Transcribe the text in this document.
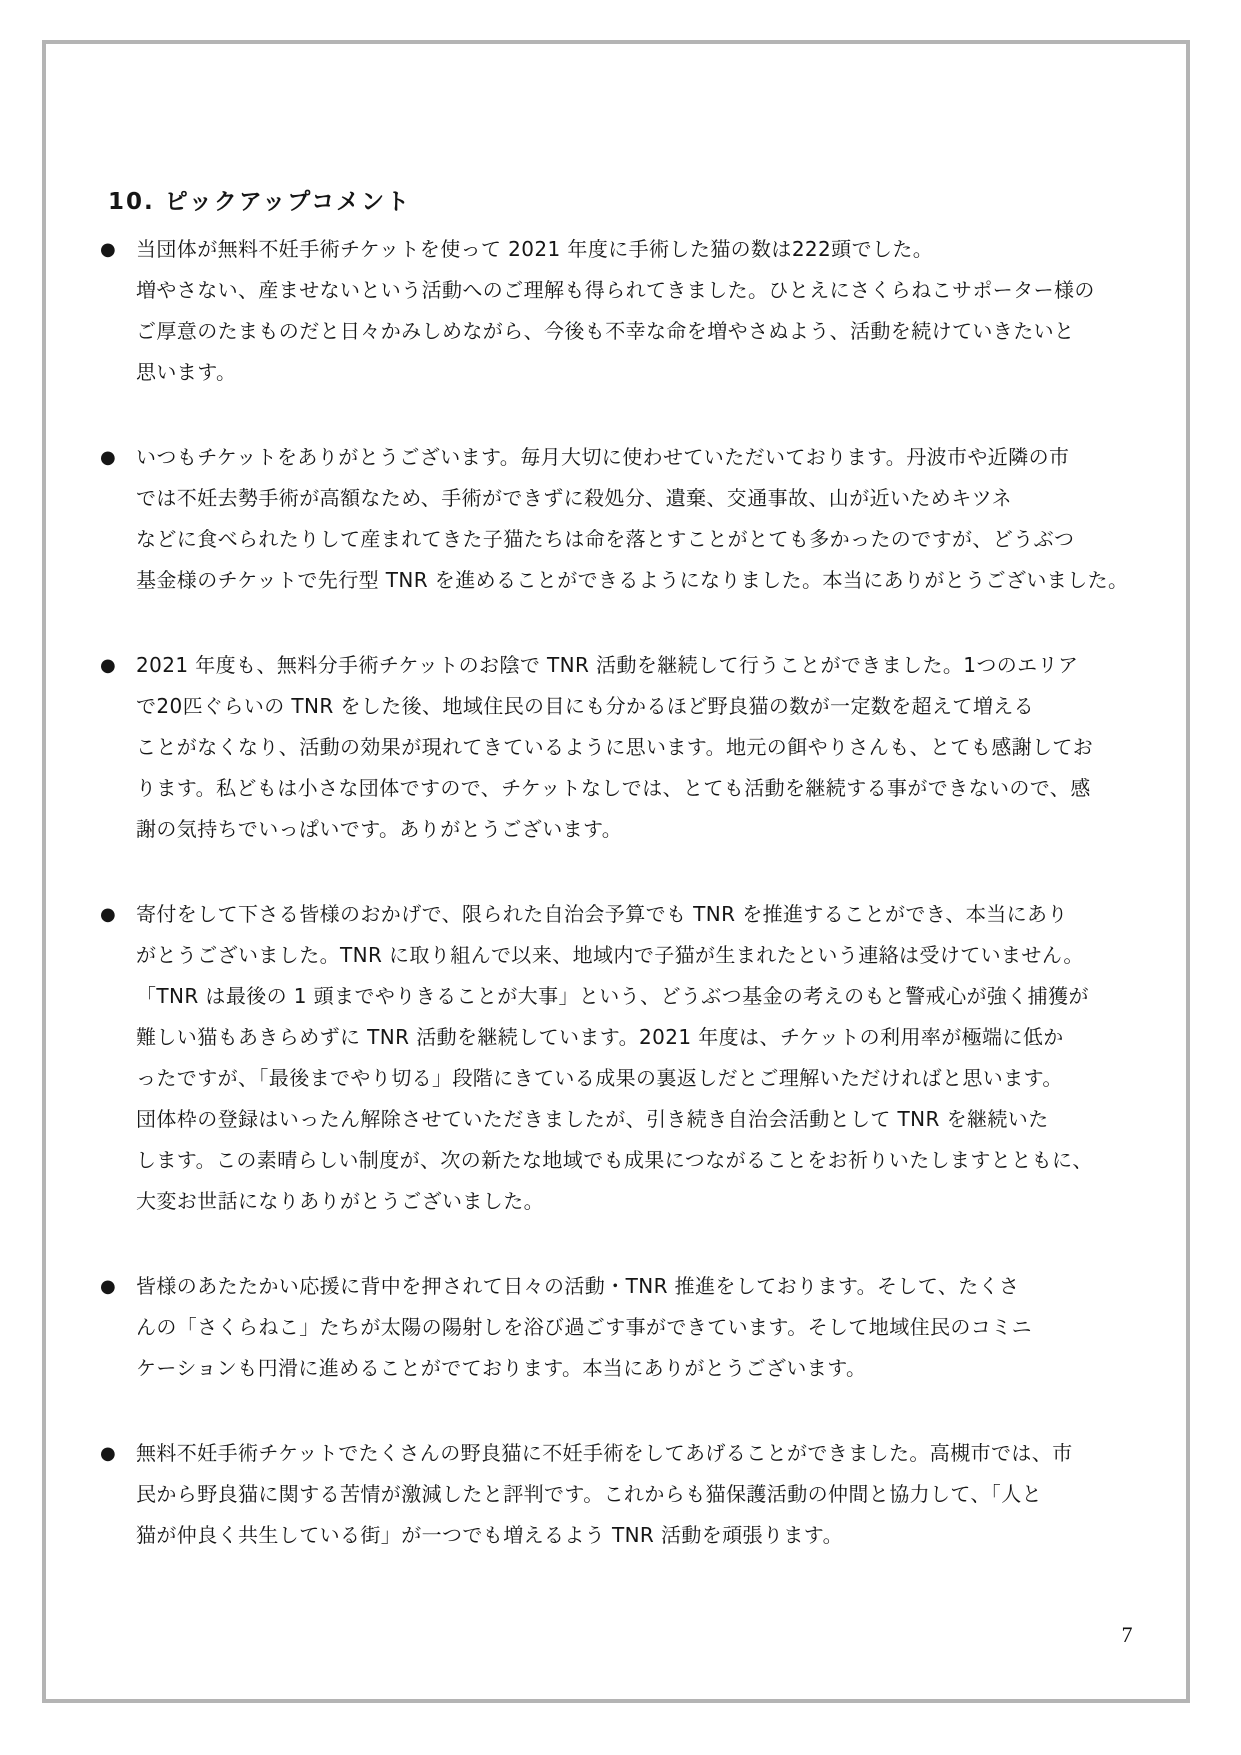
10. ピックアップコメント
●	当団体が無料不妊手術チケットを使って 2021 年度に手術した猫の数は222頭でした。
増やさない、産ませないという活動へのご理解も得られてきました。ひとえにさくらねこサポーター様の
ご厚意のたまものだと日々かみしめながら、今後も不幸な命を増やさぬよう、活動を続けていきたいと
思います。
●	いつもチケットをありがとうございます。毎月大切に使わせていただいております。丹波市や近隣の市
では不妊去勢手術が高額なため、手術ができずに殺処分、遺棄、交通事故、山が近いためキツネ
などに食べられたりして産まれてきた子猫たちは命を落とすことがとても多かったのですが、どうぶつ
基金様のチケットで先行型 TNR を進めることができるようになりました。本当にありがとうございました。
●	2021 年度も、無料分手術チケットのお陰で TNR 活動を継続して行うことができました。1つのエリア
で20匹ぐらいの TNR をした後、地域住民の目にも分かるほど野良猫の数が一定数を超えて増える
ことがなくなり、活動の効果が現れてきているように思います。地元の餌やりさんも、とても感謝してお
ります。私どもは小さな団体ですので、チケットなしでは、とても活動を継続する事ができないので、感
謝の気持ちでいっぱいです。ありがとうございます。
●	寄付をして下さる皆様のおかげで、限られた自治会予算でも TNR を推進することができ、本当にあり
がとうございました。TNR に取り組んで以来、地域内で子猫が生まれたという連絡は受けていません。
「TNR は最後の 1 頭までやりきることが大事」という、どうぶつ基金の考えのもと警戒心が強く捕獲が
難しい猫もあきらめずに TNR 活動を継続しています。2021 年度は、チケットの利用率が極端に低か
ったですが、「最後までやり切る」段階にきている成果の裏返しだとご理解いただければと思います。
団体枠の登録はいったん解除させていただきましたが、引き続き自治会活動として TNR を継続いた
します。この素晴らしい制度が、次の新たな地域でも成果につながることをお祈りいたしますとともに、
大変お世話になりありがとうございました。
●	皆様のあたたかい応援に背中を押されて日々の活動・TNR 推進をしております。そして、たくさ
んの「さくらねこ」たちが太陽の陽射しを浴び過ごす事ができています。そして地域住民のコミニ
ケーションも円滑に進めることがでております。本当にありがとうございます。
●	無料不妊手術チケットでたくさんの野良猫に不妊手術をしてあげることができました。高槻市では、市
民から野良猫に関する苦情が激減したと評判です。これからも猫保護活動の仲間と協力して、「人と
猫が仲良く共生している街」が一つでも増えるよう TNR 活動を頑張ります。
7
